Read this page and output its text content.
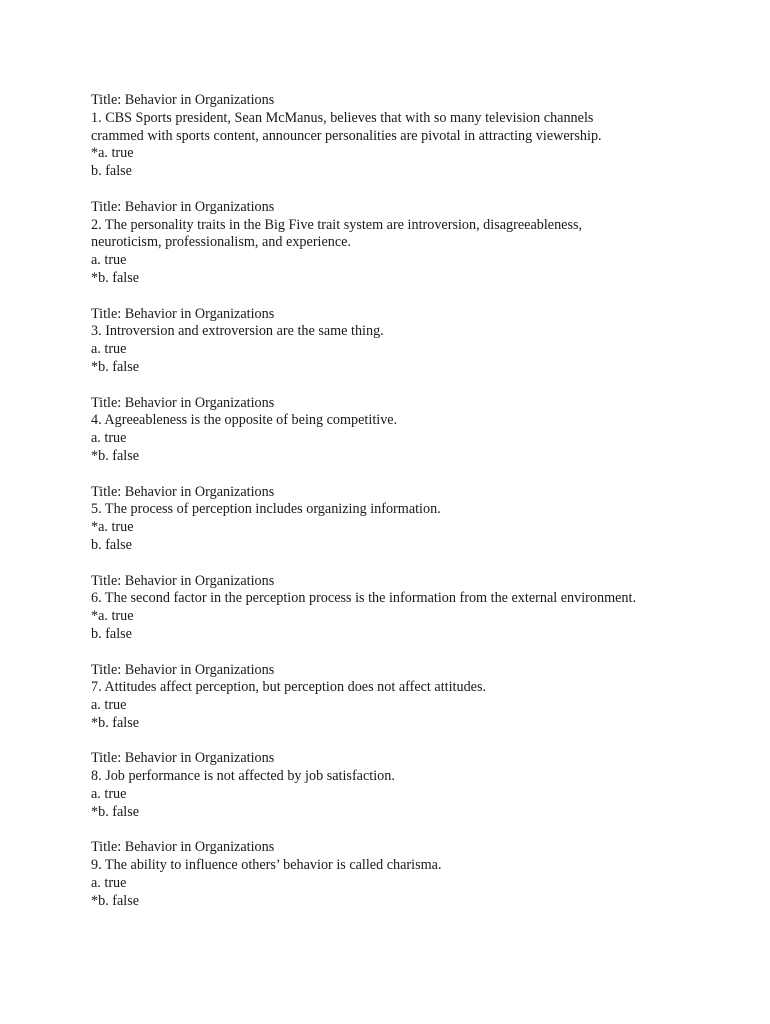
Title: Behavior in Organizations
1. CBS Sports president, Sean McManus, believes that with so many television channels crammed with sports content, announcer personalities are pivotal in attracting viewership.
*a. true
b. false
Title: Behavior in Organizations
2. The personality traits in the Big Five trait system are introversion, disagreeableness, neuroticism, professionalism, and experience.
a. true
*b. false
Title: Behavior in Organizations
3. Introversion and extroversion are the same thing.
a. true
*b. false
Title: Behavior in Organizations
4. Agreeableness is the opposite of being competitive.
a. true
*b. false
Title: Behavior in Organizations
5. The process of perception includes organizing information.
*a. true
b. false
Title: Behavior in Organizations
6. The second factor in the perception process is the information from the external environment.
*a. true
b. false
Title: Behavior in Organizations
7. Attitudes affect perception, but perception does not affect attitudes.
a. true
*b. false
Title: Behavior in Organizations
8. Job performance is not affected by job satisfaction.
a. true
*b. false
Title: Behavior in Organizations
9. The ability to influence others’ behavior is called charisma.
a. true
*b. false
